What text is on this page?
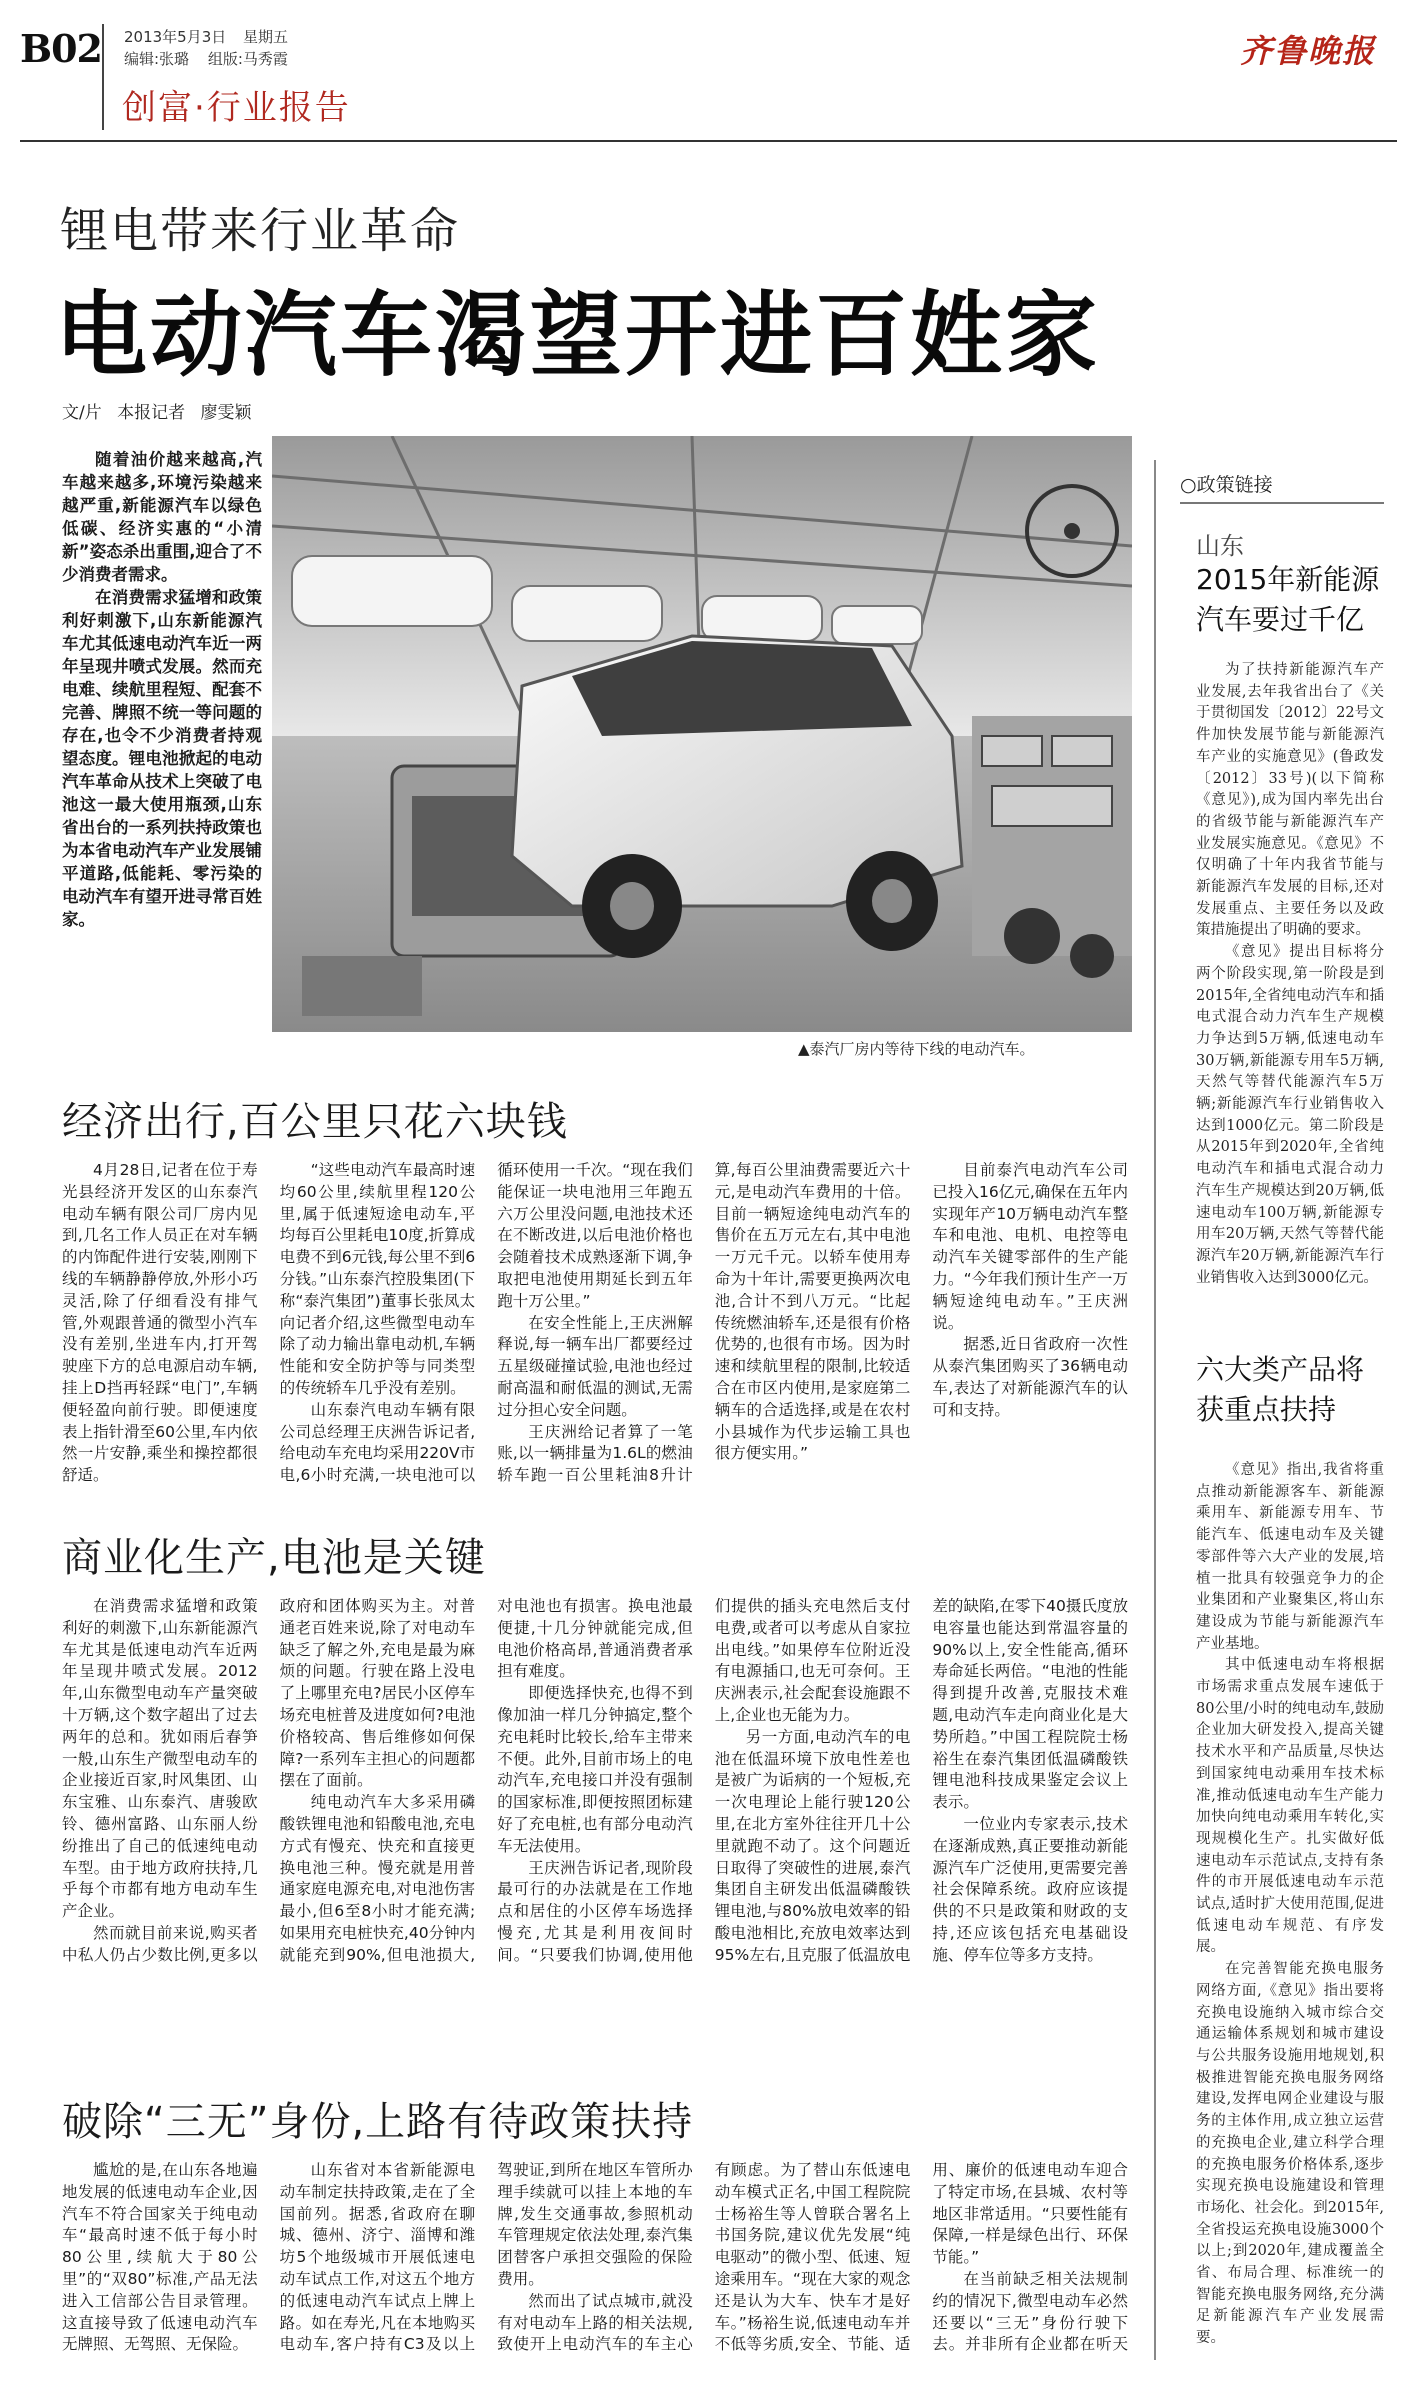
B02 2013年5月3日 星期五
编辑:张璐 组版:马秀霞
创富·行业报告
齐鲁晚报
锂电带来行业革命
电动汽车渴望开进百姓家
文/片 本报记者 廖雯颖

随着油价越来越高,汽车越来越多,环境污染越来越严重,新能源汽车以绿色低碳、经济实惠的“小清新”姿态杀出重围,迎合了不少消费者需求。

在消费需求猛增和政策利好刺激下,山东新能源汽车尤其低速电动汽车近一两年呈现井喷式发展。然而充电难、续航里程短、配套不完善、牌照不统一等问题的存在,也令不少消费者持观望态度。锂电池掀起的电动汽车革命从技术上突破了电池这一最大使用瓶颈,山东省出台的一系列扶持政策也为本省电动汽车产业发展铺平道路,低能耗、零污染的电动汽车有望开进寻常百姓家。

▲泰汽厂房内等待下线的电动汽车。
经济出行,百公里只花六块钱

4月28日,记者在位于寿光县经济开发区的山东泰汽电动车辆有限公司厂房内见到,几名工作人员正在对车辆的内饰配件进行安装,刚刚下线的车辆静静停放,外形小巧灵活,除了仔细看没有排气管,外观跟普通的微型小汽车没有差别,坐进车内,打开驾驶座下方的总电源启动车辆,挂上D挡再轻踩“电门”,车辆便轻盈向前行驶。即便速度表上指针滑至60公里,车内依然一片安静,乘坐和操控都很舒适。

“这些电动汽车最高时速均60公里,续航里程120公里,属于低速短途电动车,平均每百公里耗电10度,折算成电费不到6元钱,每公里不到6分钱。”山东泰汽控股集团(下称“泰汽集团”)董事长张凤太向记者介绍,这些微型电动车除了动力输出靠电动机,车辆性能和安全防护等与同类型的传统轿车几乎没有差别。

山东泰汽电动车辆有限公司总经理王庆洲告诉记者,给电动车充电均采用220V市电,6小时充满,一块电池可以循环使用一千次。“现在我们能保证一块电池用三年跑五六万公里没问题,电池技术还在不断改进,以后电池价格也会随着技术成熟逐渐下调,争取把电池使用期延长到五年跑十万公里。”

在安全性能上,王庆洲解释说,每一辆车出厂都要经过五星级碰撞试验,电池也经过耐高温和耐低温的测试,无需过分担心安全问题。

王庆洲给记者算了一笔账,以一辆排量为1.6L的燃油轿车跑一百公里耗油8升计算,每百公里油费需要近六十元,是电动汽车费用的十倍。目前一辆短途纯电动汽车的售价在五万元左右,其中电池一万元千元。以轿车使用寿命为十年计,需要更换两次电池,合计不到八万元。“比起传统燃油轿车,还是很有价格优势的,也很有市场。因为时速和续航里程的限制,比较适合在市区内使用,是家庭第二辆车的合适选择,或是在农村小县城作为代步运输工具也很方便实用。”

目前泰汽电动汽车公司已投入16亿元,确保在五年内实现年产10万辆电动汽车整车和电池、电机、电控等电动汽车关键零部件的生产能力。“今年我们预计生产一万辆短途纯电动车。”王庆洲说。

据悉,近日省政府一次性从泰汽集团购买了36辆电动车,表达了对新能源汽车的认可和支持。

商业化生产,电池是关键

在消费需求猛增和政策利好的刺激下,山东新能源汽车尤其是低速电动汽车近两年呈现井喷式发展。2012年,山东微型电动车产量突破十万辆,这个数字超出了过去两年的总和。犹如雨后春笋一般,山东生产微型电动车的企业接近百家,时风集团、山东宝雅、山东泰汽、唐骏欧铃、德州富路、山东丽人纷纷推出了自己的低速纯电动车型。由于地方政府扶持,几乎每个市都有地方电动车生产企业。

然而就目前来说,购买者中私人仍占少数比例,更多以政府和团体购买为主。对普通老百姓来说,除了对电动车缺乏了解之外,充电是最为麻烦的问题。行驶在路上没电了上哪里充电?居民小区停车场充电桩普及进度如何?电池价格较高、售后维修如何保障?一系列车主担心的问题都摆在了面前。

纯电动汽车大多采用磷酸铁锂电池和铅酸电池,充电方式有慢充、快充和直接更换电池三种。慢充就是用普通家庭电源充电,对电池伤害最小,但6至8小时才能充满;如果用充电桩快充,40分钟内就能充到90%,但电池损大,对电池也有损害。换电池最便捷,十几分钟就能完成,但电池价格高昂,普通消费者承担有难度。

即便选择快充,也得不到像加油一样几分钟搞定,整个充电耗时比较长,给车主带来不便。此外,目前市场上的电动汽车,充电接口并没有强制的国家标准,即便按照团标建好了充电桩,也有部分电动汽车无法使用。

王庆洲告诉记者,现阶段最可行的办法就是在工作地点和居住的小区停车场选择慢充,尤其是利用夜间时间。“只要我们协调,使用他们提供的插头充电然后支付电费,或者可以考虑从自家拉出电线。”如果停车位附近没有电源插口,也无可奈何。王庆洲表示,社会配套设施跟不上,企业也无能为力。

另一方面,电动汽车的电池在低温环境下放电性差也是被广为诟病的一个短板,充一次电理论上能行驶120公里,在北方室外往往开几十公里就跑不动了。这个问题近日取得了突破性的进展,泰汽集团自主研发出低温磷酸铁锂电池,与80%放电效率的铅酸电池相比,充放电效率达到95%左右,且克服了低温放电差的缺陷,在零下40摄氏度放电容量也能达到常温容量的90%以上,安全性能高,循环寿命延长两倍。“电池的性能得到提升改善,克服技术难题,电动汽车走向商业化是大势所趋。”中国工程院院士杨裕生在泰汽集团低温磷酸铁锂电池科技成果鉴定会议上表示。

一位业内专家表示,技术在逐渐成熟,真正要推动新能源汽车广泛使用,更需要完善社会保障系统。政府应该提供的不只是政策和财政的支持,还应该包括充电基础设施、停车位等多方支持。

破除“三无”身份,上路有待政策扶持

尴尬的是,在山东各地遍地发展的低速电动车企业,因汽车不符合国家关于纯电动车“最高时速不低于每小时80公里,续航大于80公里”的“双80”标准,产品无法进入工信部公告目录管理。这直接导致了低速电动汽车无牌照、无驾照、无保险。

山东省对本省新能源电动车制定扶持政策,走在了全国前列。据悉,省政府在聊城、德州、济宁、淄博和潍坊5个地级城市开展低速电动车试点工作,对这五个地方的低速电动汽车试点上牌上路。如在寿光,凡在本地购买电动车,客户持有C3及以上驾驶证,到所在地区车管所办理手续就可以挂上本地的车牌,发生交通事故,参照机动车管理规定依法处理,泰汽集团替客户承担交强险的保险费用。

然而出了试点城市,就没有对电动车上路的相关法规,致使开上电动汽车的车主心有顾虑。为了替山东低速电动车模式正名,中国工程院院士杨裕生等人曾联合署名上书国务院,建议优先发展“纯电驱动”的微小型、低速、短途乘用车。“现在大家的观念还是认为大车、快车才是好车。”杨裕生说,低速电动车并不低等劣质,安全、节能、适用、廉价的低速电动车迎合了特定市场,在县城、农村等地区非常适用。“只要性能有保障,一样是绿色出行、环保节能。”

在当前缺乏相关法规制约的情况下,微型电动车必然还要以“三无”身份行驶下去。并非所有企业都在听天

○政策链接
山东
2015年新能源汽车要过千亿

为了扶持新能源汽车产业发展,去年我省出台了《关于贯彻国发〔2012〕22号文件加快发展节能与新能源汽车产业的实施意见》(鲁政发〔2012〕33号)(以下简称《意见》),成为国内率先出台的省级节能与新能源汽车产业发展实施意见。《意见》不仅明确了十年内我省节能与新能源汽车发展的目标,还对发展重点、主要任务以及政策措施提出了明确的要求。

《意见》提出目标将分两个阶段实现,第一阶段是到2015年,全省纯电动汽车和插电式混合动力汽车生产规模力争达到5万辆,低速电动车30万辆,新能源专用车5万辆,天然气等替代能源汽车5万辆;新能源汽车行业销售收入达到1000亿元。第二阶段是从2015年到2020年,全省纯电动汽车和插电式混合动力汽车生产规模达到20万辆,低速电动车100万辆,新能源专用车20万辆,天然气等替代能源汽车20万辆,新能源汽车行业销售收入达到3000亿元。

六大类产品将获重点扶持

《意见》指出,我省将重点推动新能源客车、新能源乘用车、新能源专用车、节能汽车、低速电动车及关键零部件等六大产业的发展,培植一批具有较强竞争力的企业集团和产业聚集区,将山东建设成为节能与新能源汽车产业基地。

其中低速电动车将根据市场需求重点发展车速低于80公里/小时的纯电动车,鼓励企业加大研发投入,提高关键技术水平和产品质量,尽快达到国家纯电动乘用车技术标准,推动低速电动车生产能力加快向纯电动乘用车转化,实现规模化生产。扎实做好低速电动车示范试点,支持有条件的市开展低速电动车示范试点,适时扩大使用范围,促进低速电动车规范、有序发展。

在完善智能充换电服务网络方面,《意见》指出要将充换电设施纳入城市综合交通运输体系规划和城市建设与公共服务设施用地规划,积极推进智能充换电服务网络建设,发挥电网企业建设与服务的主体作用,成立独立运营的充换电企业,建立科学合理的充换电服务价格体系,逐步实现充换电设施建设和管理市场化、社会化。到2015年,全省投运充换电设施3000个以上;到2020年,建成覆盖全省、布局合理、标准统一的智能充换电服务网络,充分满足新能源汽车产业发展需要。
